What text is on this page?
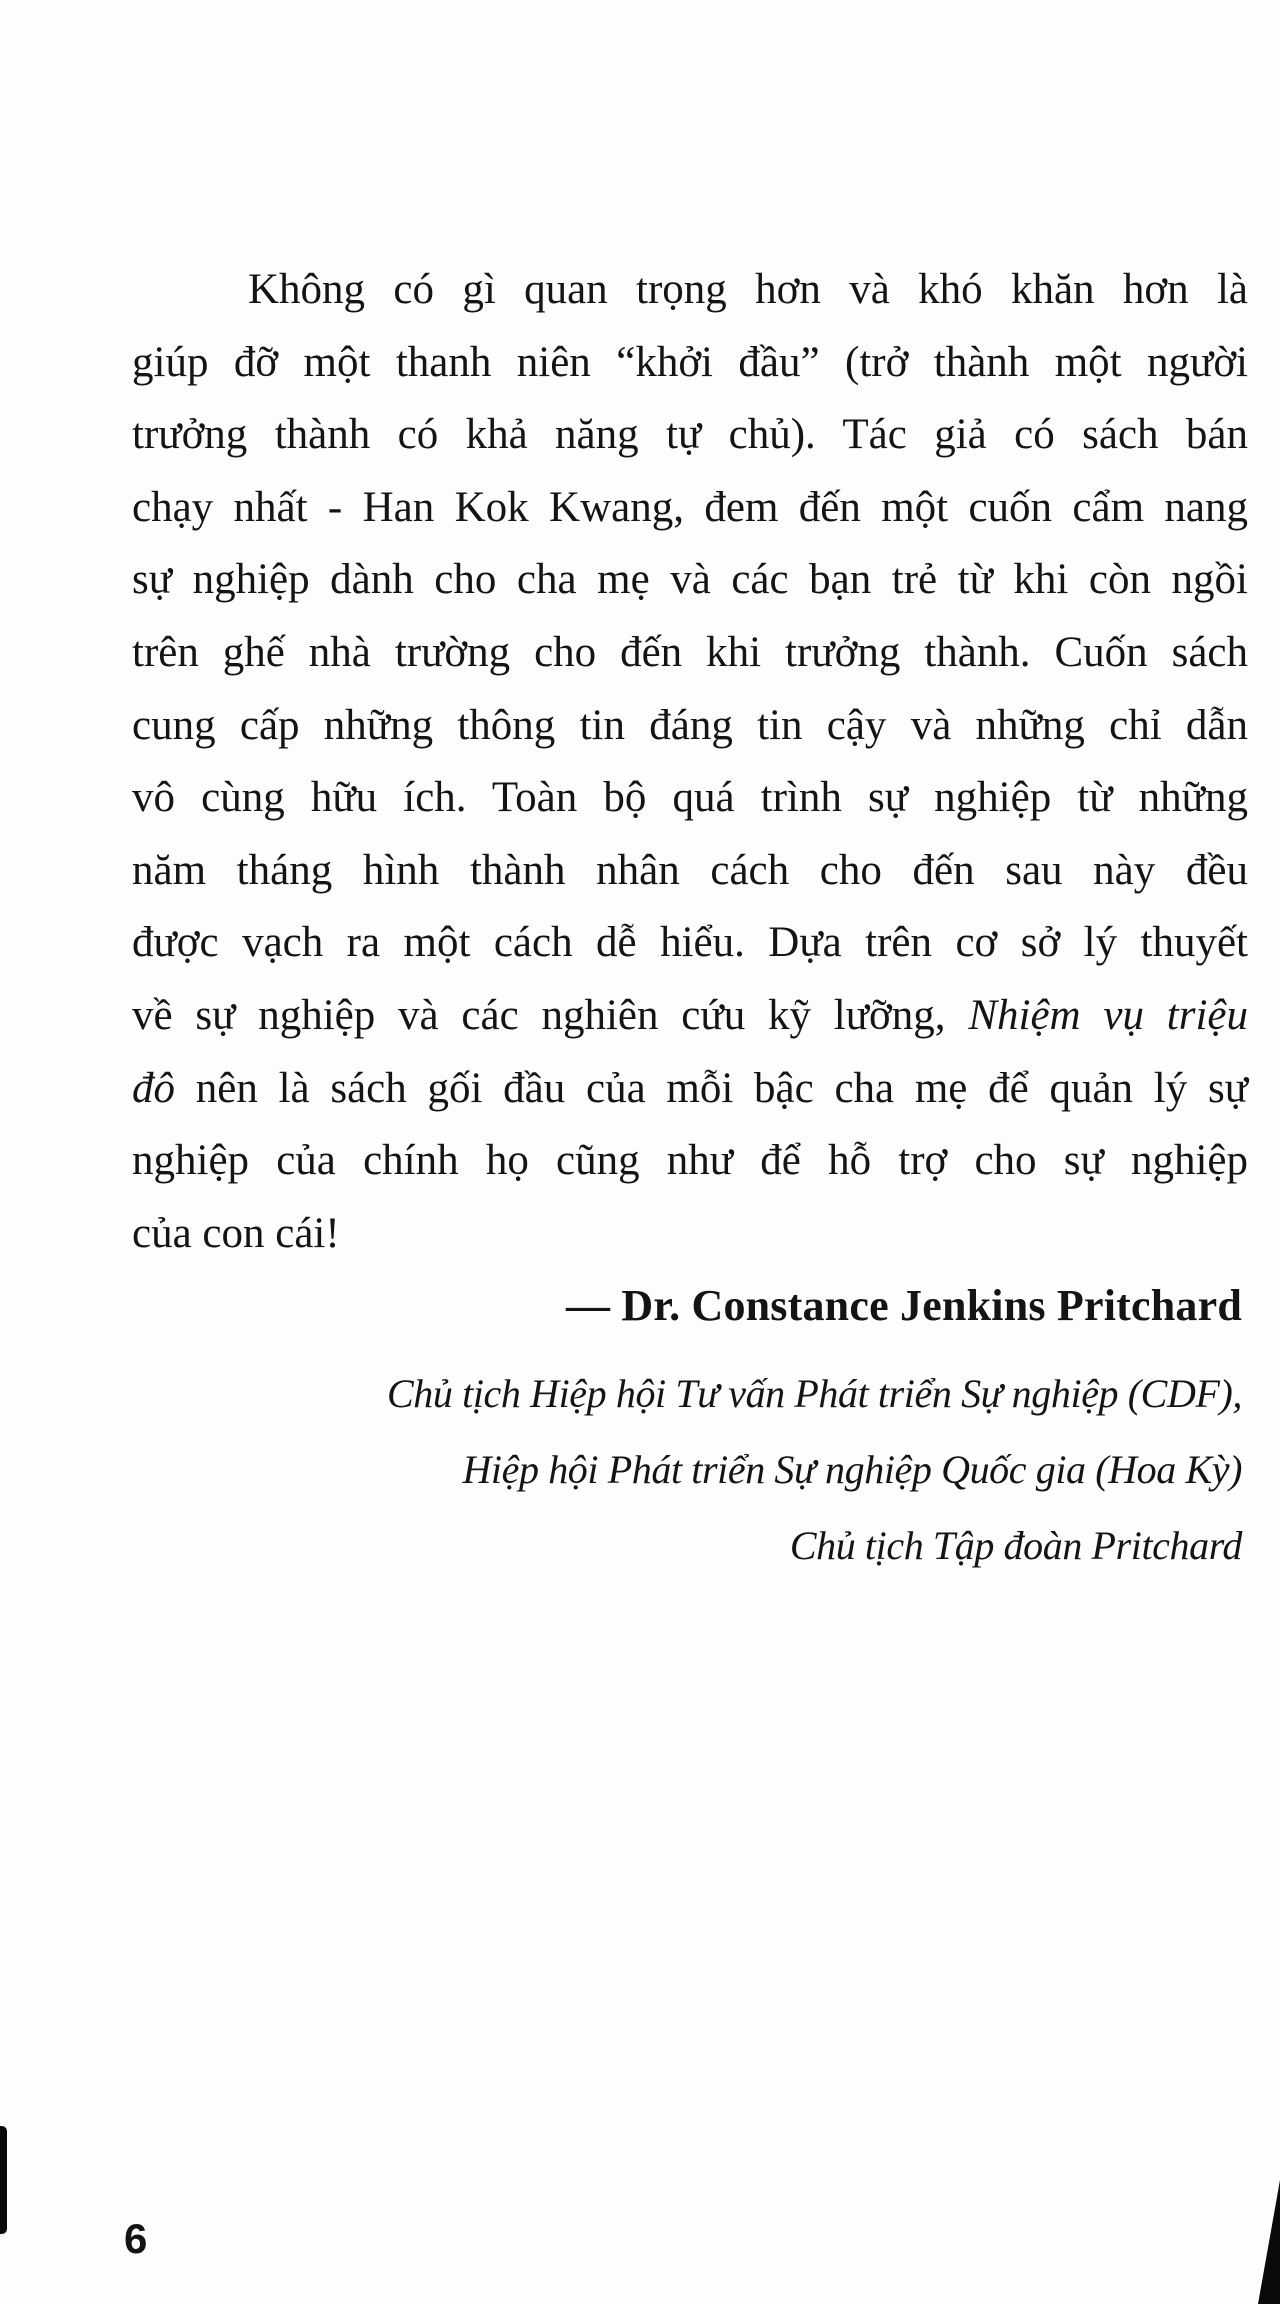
Không có gì quan trọng hơn và khó khăn hơn là
giúp đỡ một thanh niên “khởi đầu” (trở thành một người
trưởng thành có khả năng tự chủ). Tác giả có sách bán
chạy nhất - Han Kok Kwang, đem đến một cuốn cẩm nang
sự nghiệp dành cho cha mẹ và các bạn trẻ từ khi còn ngồi
trên ghế nhà trường cho đến khi trưởng thành. Cuốn sách
cung cấp những thông tin đáng tin cậy và những chỉ dẫn
vô cùng hữu ích. Toàn bộ quá trình sự nghiệp từ những
năm tháng hình thành nhân cách cho đến sau này đều
được vạch ra một cách dễ hiểu. Dựa trên cơ sở lý thuyết
về sự nghiệp và các nghiên cứu kỹ lưỡng, Nhiệm vụ triệu
đô nên là sách gối đầu của mỗi bậc cha mẹ để quản lý sự
nghiệp của chính họ cũng như để hỗ trợ cho sự nghiệp
của con cái!
— Dr. Constance Jenkins Pritchard
Chủ tịch Hiệp hội Tư vấn Phát triển Sự nghiệp (CDF),
Hiệp hội Phát triển Sự nghiệp Quốc gia (Hoa Kỳ)
Chủ tịch Tập đoàn Pritchard
6
